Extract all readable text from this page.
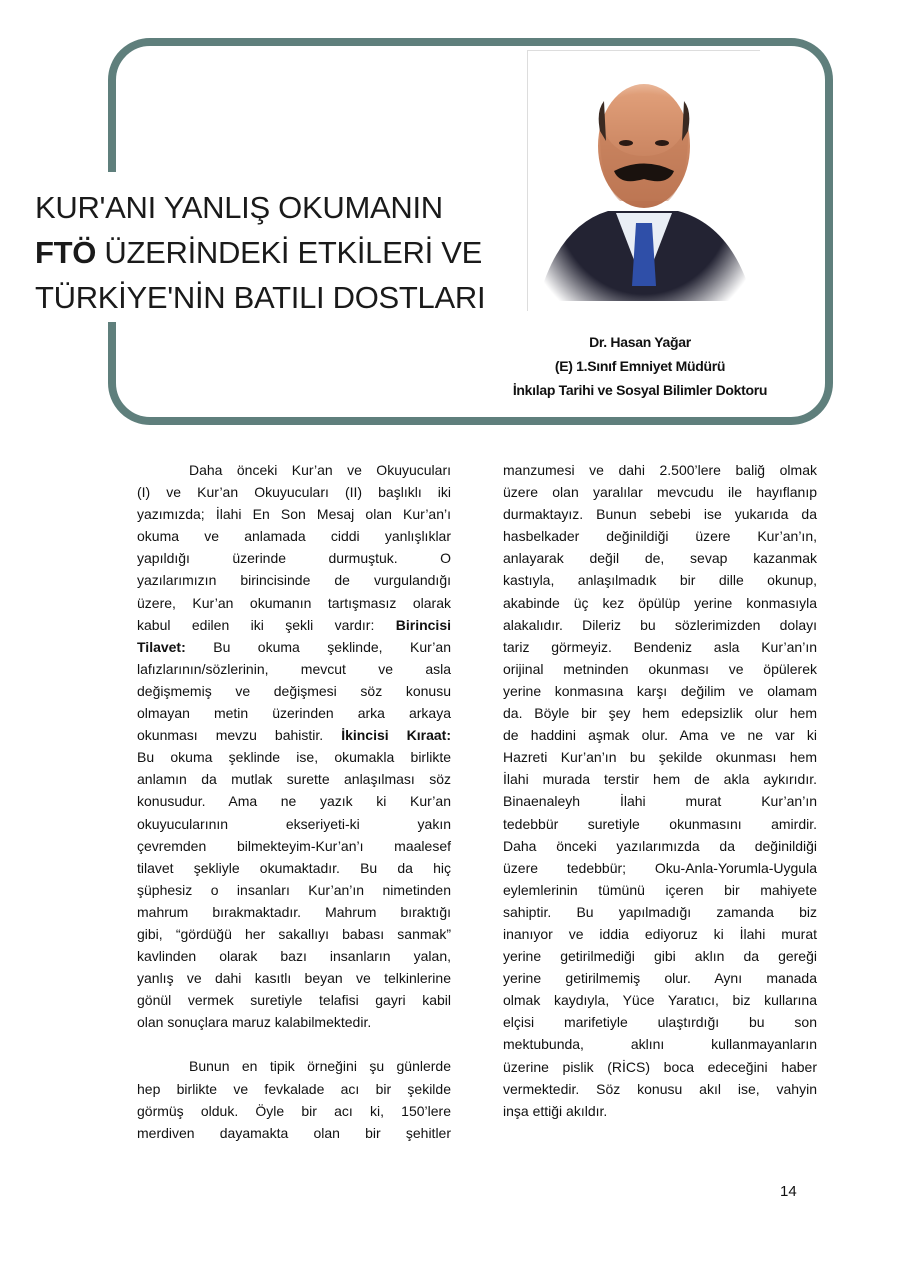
KUR'ANI YANLIŞ OKUMANIN
FTÖ ÜZERİNDEKİ ETKİLERİ VE
TÜRKİYE'NİN BATILI DOSTLARI
Dr. Hasan Yağar
(E) 1.Sınıf Emniyet Müdürü
İnkılap Tarihi ve Sosyal Bilimler Doktoru
Daha önceki Kur’an ve Okuyucuları
(I) ve Kur’an Okuyucuları (II) başlıklı iki
yazımızda; İlahi En Son Mesaj olan Kur’an’ı
okuma ve anlamada ciddi yanlışlıklar
yapıldığı üzerinde durmuştuk. O
yazılarımızın birincisinde de vurgulandığı
üzere, Kur’an okumanın tartışmasız olarak
kabul edilen iki şekli vardır: Birincisi
Tilavet: Bu okuma şeklinde, Kur’an
lafızlarının/sözlerinin, mevcut ve asla
değişmemiş ve değişmesi söz konusu
olmayan metin üzerinden arka arkaya
okunması mevzu bahistir. İkincisi Kıraat:
Bu okuma şeklinde ise, okumakla birlikte
anlamın da mutlak surette anlaşılması söz
konusudur. Ama ne yazık ki Kur’an
okuyucularının ekseriyeti-ki yakın
çevremden bilmekteyim-Kur’an’ı maalesef
tilavet şekliyle okumaktadır. Bu da hiç
şüphesiz o insanları Kur’an’ın nimetinden
mahrum bırakmaktadır. Mahrum bıraktığı
gibi, “gördüğü her sakallıyı babası sanmak”
kavlinden olarak bazı insanların yalan,
yanlış ve dahi kasıtlı beyan ve telkinlerine
gönül vermek suretiyle telafisi gayri kabil
olan sonuçlara maruz kalabilmektedir.
Bunun en tipik örneğini şu günlerde
hep birlikte ve fevkalade acı bir şekilde
görmüş olduk. Öyle bir acı ki, 150’lere
merdiven dayamakta olan bir şehitler
manzumesi ve dahi 2.500’lere baliğ olmak
üzere olan yaralılar mevcudu ile hayıflanıp
durmaktayız. Bunun sebebi ise yukarıda da
hasbelkader değinildiği üzere Kur’an’ın,
anlayarak değil de, sevap kazanmak
kastıyla, anlaşılmadık bir dille okunup,
akabinde üç kez öpülüp yerine konmasıyla
alakalıdır. Dileriz bu sözlerimizden dolayı
tariz görmeyiz. Bendeniz asla Kur’an’ın
orijinal metninden okunması ve öpülerek
yerine konmasına karşı değilim ve olamam
da. Böyle bir şey hem edepsizlik olur hem
de haddini aşmak olur. Ama ve ne var ki
Hazreti Kur’an’ın bu şekilde okunması hem
İlahi murada terstir hem de akla aykırıdır.
Binaenaleyh İlahi murat Kur’an’ın
tedebbür suretiyle okunmasını amirdir.
Daha önceki yazılarımızda da değinildiği
üzere tedebbür; Oku-Anla-Yorumla-Uygula
eylemlerinin tümünü içeren bir mahiyete
sahiptir. Bu yapılmadığı zamanda biz
inanıyor ve iddia ediyoruz ki İlahi murat
yerine getirilmediği gibi aklın da gereği
yerine getirilmemiş olur. Aynı manada
olmak kaydıyla, Yüce Yaratıcı, biz kullarına
elçisi marifetiyle ulaştırdığı bu son
mektubunda, aklını kullanmayanların
üzerine pislik (RİCS) boca edeceğini haber
vermektedir. Söz konusu akıl ise, vahyin
inşa ettiği akıldır.
14
